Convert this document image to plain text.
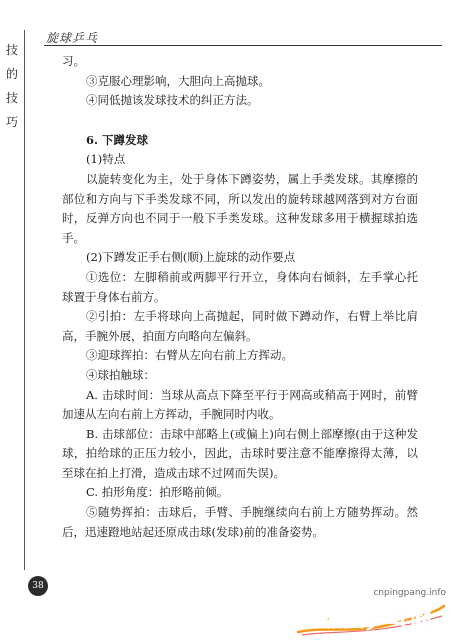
旋球乒乓
技
的
技
巧

习。

③克服心理影响，大胆向上高抛球。

④同低抛该发球技术的纠正方法。

6. 下蹲发球

(1)特点

以旋转变化为主，处于身体下蹲姿势，属上手类发球。其摩擦的部位和方向与下手类发球不同，所以发出的旋转球越网落到对方台面时，反弹方向也不同于一般下手类发球。这种发球多用于横握球拍选手。

(2)下蹲发正手右侧(顺)上旋球的动作要点

①选位：左脚稍前或两脚平行开立，身体向右倾斜，左手掌心托球置于身体右前方。

②引拍：左手将球向上高抛起，同时做下蹲动作，右臂上举比肩高，手腕外展，拍面方向略向左偏斜。

③迎球挥拍：右臂从左向右前上方挥动。

④球拍触球：

A. 击球时间：当球从高点下降至平行于网高或稍高于网时，前臂加速从左向右前上方挥动，手腕同时内收。

B. 击球部位：击球中部略上(或偏上)向右侧上部摩擦(由于这种发球，拍给球的正压力较小，因此，击球时要注意不能摩擦得太薄，以至球在拍上打滑，造成击球不过网而失误)。

C. 拍形角度：拍形略前倾。

⑤随势挥拍：击球后，手臂、手腕继续向右前上方随势挥动。然后，迅速蹬地站起还原成击球(发球)前的准备姿势。

38
cnpingpang.info
精英 乒乓网
